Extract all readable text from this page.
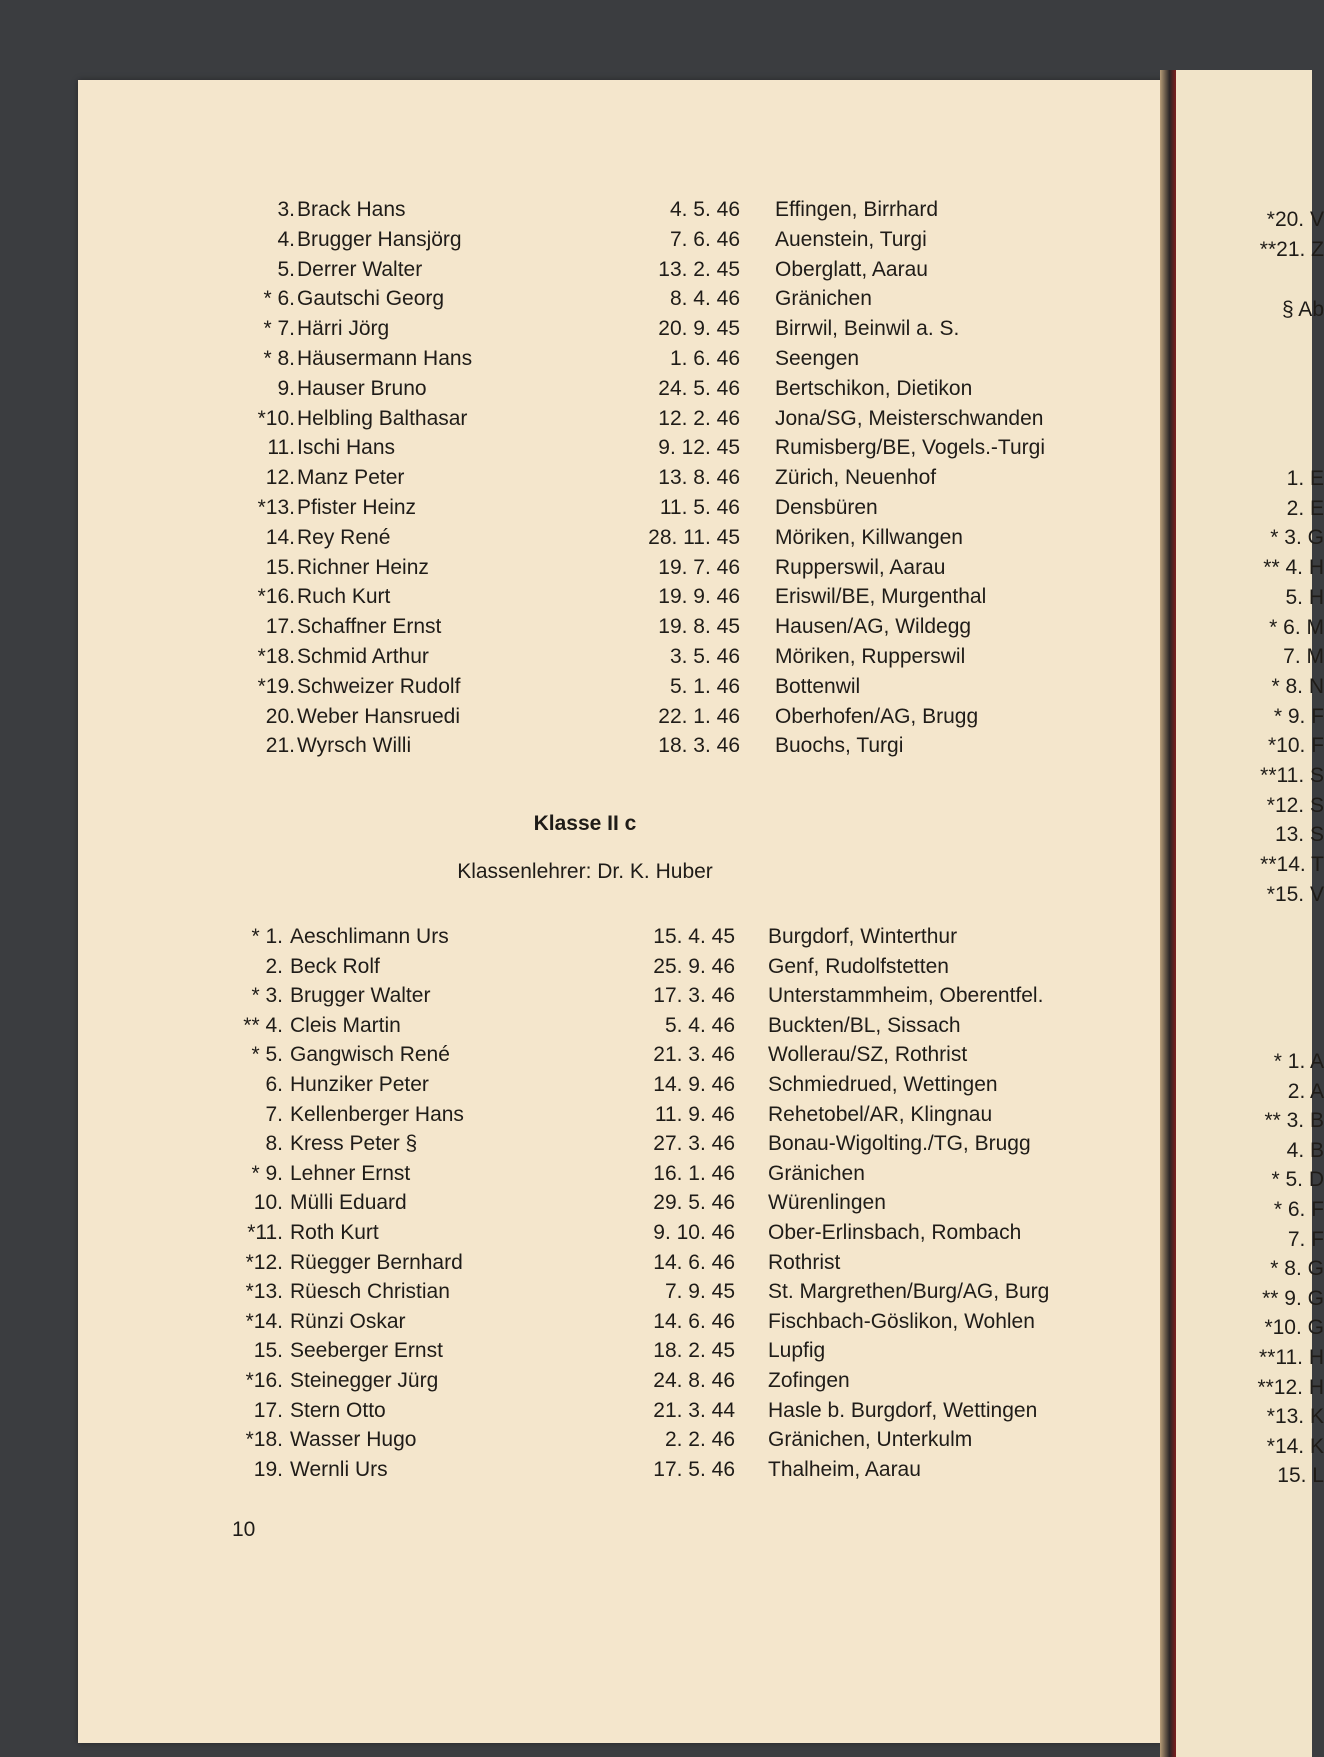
*20. V
**21. Z
§ Ab
1. E
2. E
* 3. G
** 4. H
5. H
* 6. M
7. M
* 8. N
* 9. F
*10. F
**11. S
*12. S
13. S
**14. T
*15. V
* 1. A
2. A
** 3. B
4. B
* 5. D
* 6. F
7. F
* 8. G
** 9. G
*10. G
**11. H
**12. H
*13. K
*14. K
15. L
3. Brack Hans	4. 5. 46 Effingen, Birrhard
4. Brugger Hansjörg	7. 6. 46 Auenstein, Turgi
5. Derrer Walter	13. 2. 45 Oberglatt, Aarau
* 6. Gautschi Georg	8. 4. 46 Gränichen
* 7. Härri Jörg	20. 9. 45 Birrwil, Beinwil a. S.
* 8. Häusermann Hans	1. 6. 46 Seengen
9. Hauser Bruno	24. 5. 46 Bertschikon, Dietikon
*10. Helbling Balthasar	12. 2. 46 Jona/SG, Meisterschwanden
11. Ischi Hans	9. 12. 45 Rumisberg/BE, Vogels.-Turgi
12. Manz Peter	13. 8. 46 Zürich, Neuenhof
*13. Pfister Heinz	11. 5. 46 Densbüren
14. Rey René	28. 11. 45 Möriken, Killwangen
15. Richner Heinz	19. 7. 46 Rupperswil, Aarau
*16. Ruch Kurt	19. 9. 46 Eriswil/BE, Murgenthal
17. Schaffner Ernst	19. 8. 45 Hausen/AG, Wildegg
*18. Schmid Arthur	3. 5. 46 Möriken, Rupperswil
*19. Schweizer Rudolf	5. 1. 46 Bottenwil
20. Weber Hansruedi	22. 1. 46 Oberhofen/AG, Brugg
21. Wyrsch Willi	18. 3. 46 Buochs, Turgi
Klasse II c
Klassenlehrer: Dr. K. Huber
* 1. Aeschlimann Urs	15. 4. 45 Burgdorf, Winterthur
2. Beck Rolf	25. 9. 46 Genf, Rudolfstetten
* 3. Brugger Walter	17. 3. 46 Unterstammheim, Oberentfel.
** 4. Cleis Martin	5. 4. 46 Buckten/BL, Sissach
* 5. Gangwisch René	21. 3. 46 Wollerau/SZ, Rothrist
6. Hunziker Peter	14. 9. 46 Schmiedrued, Wettingen
7. Kellenberger Hans	11. 9. 46 Rehetobel/AR, Klingnau
8. Kress Peter §	27. 3. 46 Bonau-Wigolting./TG, Brugg
* 9. Lehner Ernst	16. 1. 46 Gränichen
10. Mülli Eduard	29. 5. 46 Würenlingen
*11. Roth Kurt	9. 10. 46 Ober-Erlinsbach, Rombach
*12. Rüegger Bernhard	14. 6. 46 Rothrist
*13. Rüesch Christian	7. 9. 45 St. Margrethen/Burg/AG, Burg
*14. Rünzi Oskar	14. 6. 46 Fischbach-Göslikon, Wohlen
15. Seeberger Ernst	18. 2. 45 Lupfig
*16. Steinegger Jürg	24. 8. 46 Zofingen
17. Stern Otto	21. 3. 44 Hasle b. Burgdorf, Wettingen
*18. Wasser Hugo	2. 2. 46 Gränichen, Unterkulm
19. Wernli Urs	17. 5. 46 Thalheim, Aarau
10
